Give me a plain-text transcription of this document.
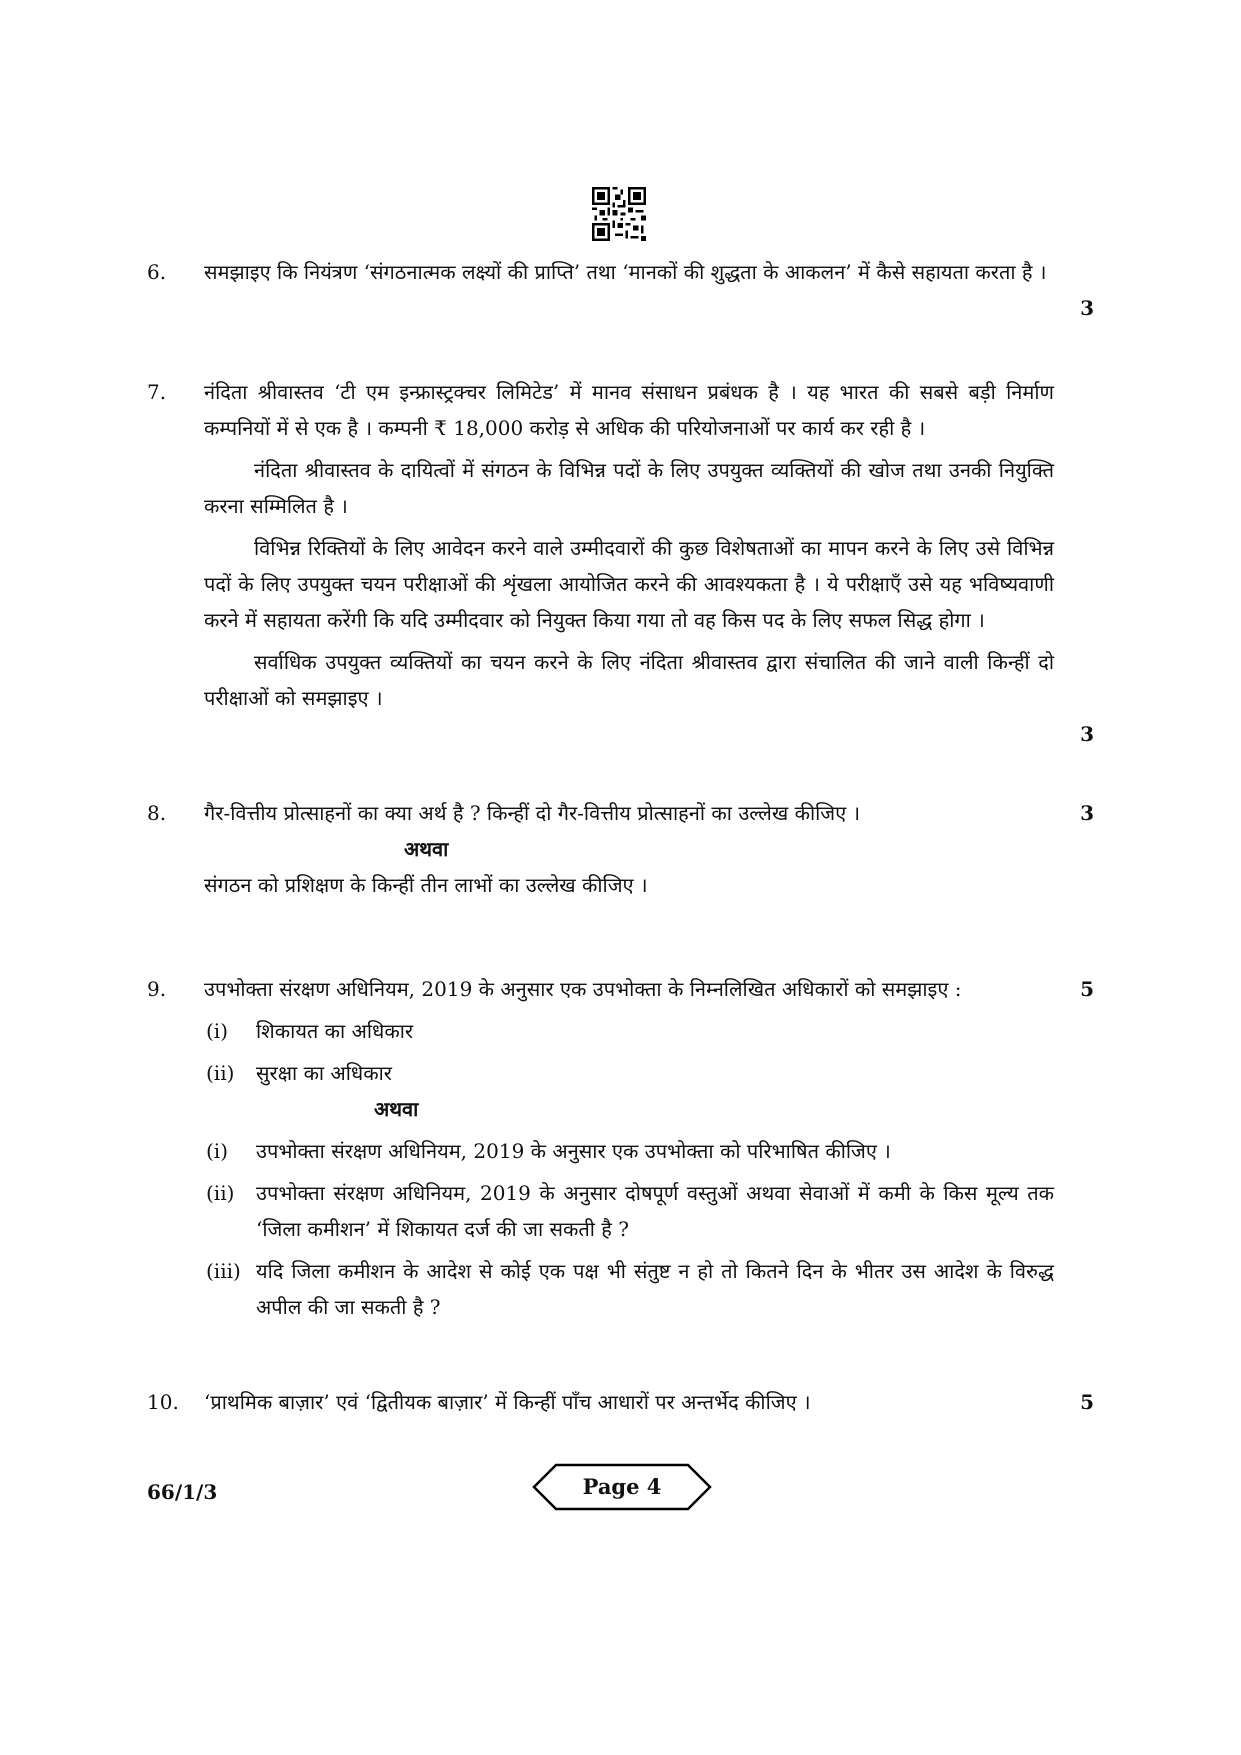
6.	समझाइए कि नियंत्रण ‘संगठनात्मक लक्ष्यों की प्राप्ति’ तथा ‘मानकों की शुद्धता के आकलन’ में कैसे सहायता करता है ।

3
7.	नंदिता श्रीवास्तव ‘टी एम इन्फ्रास्ट्रक्चर लिमिटेड’ में मानव संसाधन प्रबंधक है । यह भारत की सबसे बड़ी निर्माण कम्पनियों में से एक है । कम्पनी ₹ 18,000 करोड़ से अधिक की परियोजनाओं पर कार्य कर रही है ।

नंदिता श्रीवास्तव के दायित्वों में संगठन के विभिन्न पदों के लिए उपयुक्त व्यक्तियों की खोज तथा उनकी नियुक्ति करना सम्मिलित है ।

विभिन्न रिक्तियों के लिए आवेदन करने वाले उम्मीदवारों की कुछ विशेषताओं का मापन करने के लिए उसे विभिन्न पदों के लिए उपयुक्त चयन परीक्षाओं की शृंखला आयोजित करने की आवश्यकता है । ये परीक्षाएँ उसे यह भविष्यवाणी करने में सहायता करेंगी कि यदि उम्मीदवार को नियुक्त किया गया तो वह किस पद के लिए सफल सिद्ध होगा ।

सर्वाधिक उपयुक्त व्यक्तियों का चयन करने के लिए नंदिता श्रीवास्तव द्वारा संचालित की जाने वाली किन्हीं दो परीक्षाओं को समझाइए ।

3
8.	गैर-वित्तीय प्रोत्साहनों का क्या अर्थ है ? किन्हीं दो गैर-वित्तीय प्रोत्साहनों का उल्लेख कीजिए ।

अथवा

संगठन को प्रशिक्षण के किन्हीं तीन लाभों का उल्लेख कीजिए ।

3
9.	उपभोक्ता संरक्षण अधिनियम, 2019 के अनुसार एक उपभोक्ता के निम्नलिखित अधिकारों को समझाइए :

(i) शिकायत का अधिकार
(ii) सुरक्षा का अधिकार

अथवा

(i) उपभोक्ता संरक्षण अधिनियम, 2019 के अनुसार एक उपभोक्ता को परिभाषित कीजिए ।
(ii) उपभोक्ता संरक्षण अधिनियम, 2019 के अनुसार दोषपूर्ण वस्तुओं अथवा सेवाओं में कमी के किस मूल्य तक ‘जिला कमीशन’ में शिकायत दर्ज की जा सकती है ?
(iii) यदि जिला कमीशन के आदेश से कोई एक पक्ष भी संतुष्ट न हो तो कितने दिन के भीतर उस आदेश के विरुद्ध अपील की जा सकती है ?
5
10.	‘प्राथमिक बाज़ार’ एवं ‘द्वितीयक बाज़ार’ में किन्हीं पाँच आधारों पर अन्तर्भेद कीजिए ।	5
66/1/3	Page 4
